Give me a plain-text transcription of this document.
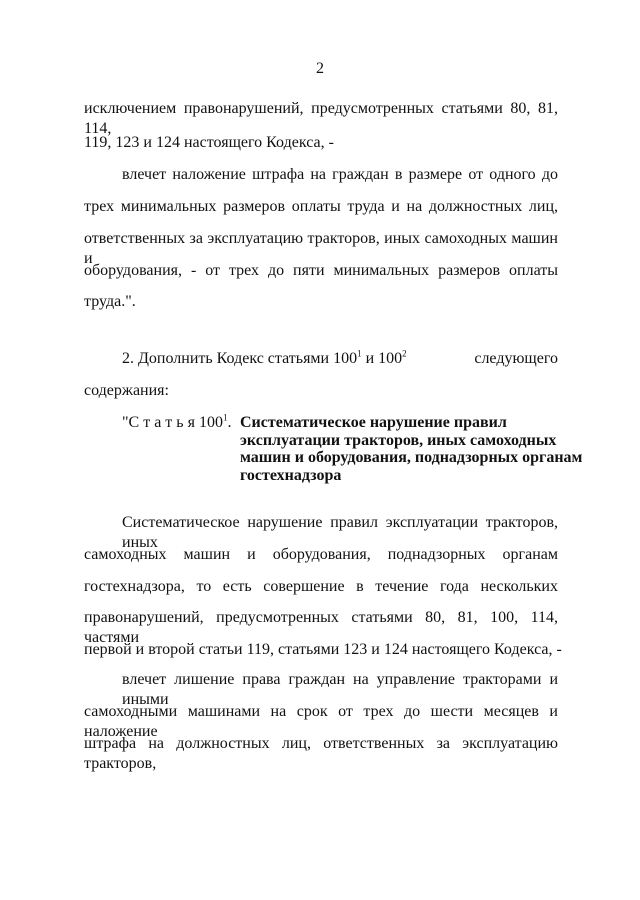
2
исключением правонарушений, предусмотренных статьями 80, 81, 114,
119, 123 и 124 настоящего Кодекса, -
влечет наложение штрафа на граждан в размере от одного до
трех минимальных размеров оплаты труда и на должностных лиц,
ответственных за эксплуатацию тракторов, иных самоходных машин и
оборудования, - от трех до пяти минимальных размеров оплаты
труда.".
2. Дополнить Кодекс статьями $100^1$ и $100^2$	следующего
содержания:
"С т а т ь я $100^1$. Систематическое нарушение правил
эксплуатации тракторов, иных самоходных
машин и оборудования, поднадзорных органам
гостехнадзора
Систематическое нарушение правил эксплуатации тракторов, иных
самоходных машин и оборудования, поднадзорных органам
гостехнадзора, то есть совершение в течение года нескольких
правонарушений, предусмотренных статьями 80, 81, 100, 114, частями
первой и второй статьи 119, статьями 123 и 124 настоящего Кодекса, -
влечет лишение права граждан на управление тракторами и иными
самоходными машинами на срок от трех до шести месяцев и наложение
штрафа на должностных лиц, ответственных за эксплуатацию тракторов,
